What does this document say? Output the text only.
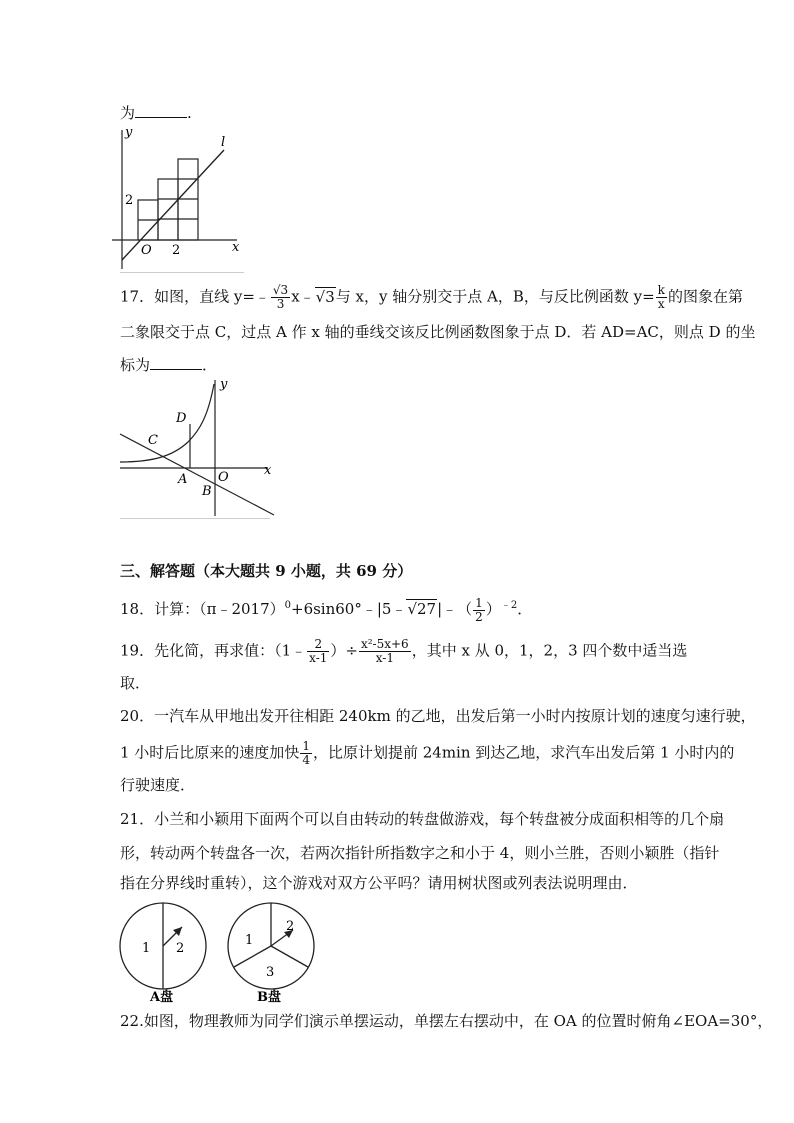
为	.
y
l
2
O 2	x
17．如图，直线 y=﹣ $\frac{√3}{3}$ x﹣√3与 x，y 轴分别交于点 A，B，与反比例函数 $y= \frac{k}{x}$ 的图象在第
二象限交于点 C，过点 A 作 x 轴的垂线交该反比例函数图象于点 D．若 AD=AC，则点 D 的坐
标为	．
y
D
C
A O
B
x
三、解答题（本大题共 9 小题，共 69 分）
18．计算：（π﹣2017）$^0$+6sin60°﹣|5﹣√27|﹣（ $\frac{1}{2} )^{﹣2}$．
19．先化简，再求值：（1﹣ $\frac{2}{x-1}$ ）÷ $\frac{\text{x²-5x+6}}{x-1}$ ，其中 x 从 0，1，2，3 四个数中适当选
取．
20．一汽车从甲地出发开往相距 240km 的乙地，出发后第一小时内按原计划的速度匀速行驶，
1 小时后比原来的速度加快 $\frac{1}{4}$ ，比原计划提前 24min 到达乙地，求汽车出发后第 1 小时内的
行驶速度．
21．小兰和小颖用下面两个可以自由转动的转盘做游戏，每个转盘被分成面积相等的几个扇
形，转动两个转盘各一次，若两次指针所指数字之和小于 4，则小兰胜，否则小颖胜（指针
指在分界线时重转），这个游戏对双方公平吗？请用树状图或列表法说明理由．
1 2
A盘
1
2
3
B盘
22.如图，物理教师为同学们演示单摆运动，单摆左右摆动中，在 OA 的位置时俯角∠EOA=30°，
